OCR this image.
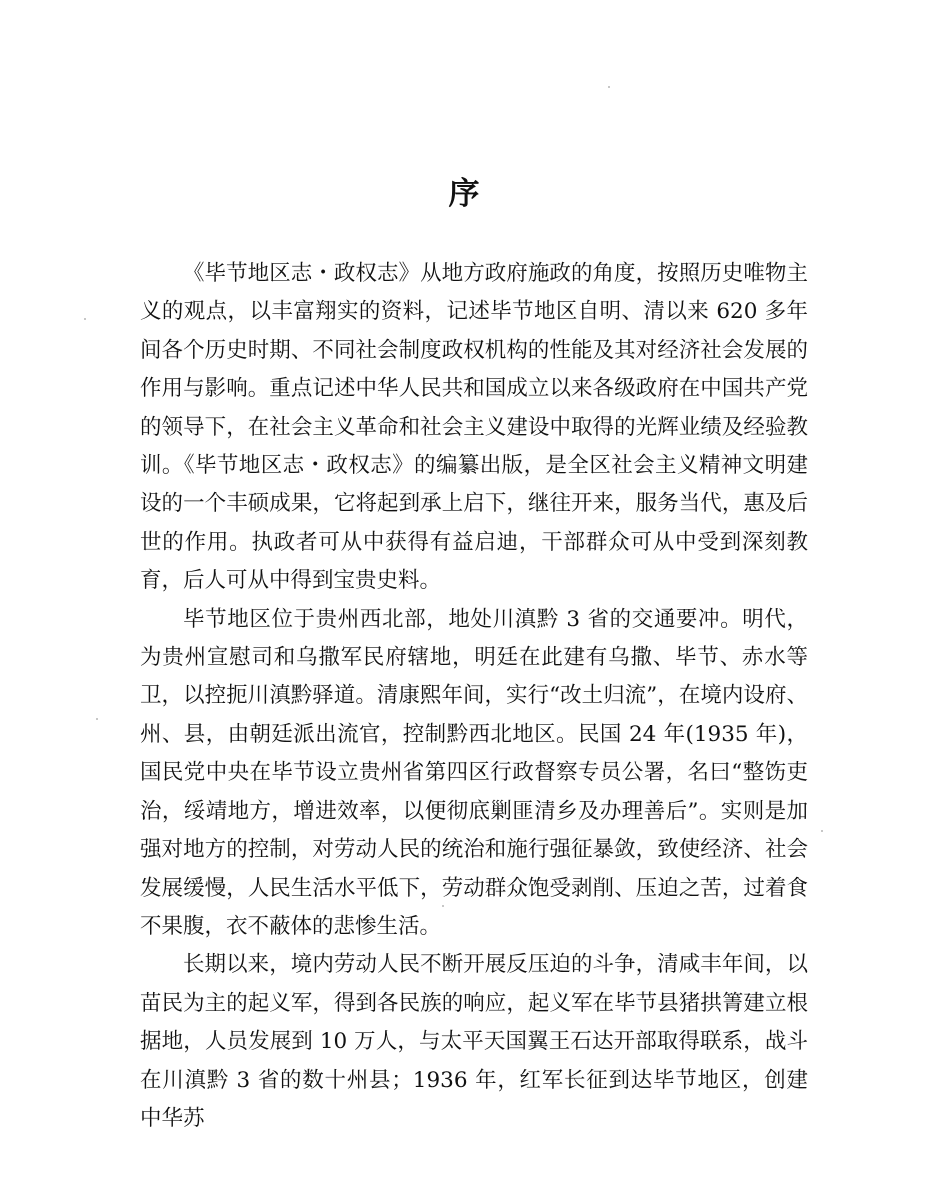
序

《毕节地区志・政权志》从地方政府施政的角度，按照历史唯物主义的观点，以丰富翔实的资料，记述毕节地区自明、清以来 620 多年间各个历史时期、不同社会制度政权机构的性能及其对经济社会发展的作用与影响。重点记述中华人民共和国成立以来各级政府在中国共产党的领导下，在社会主义革命和社会主义建设中取得的光辉业绩及经验教训。《毕节地区志・政权志》的编纂出版，是全区社会主义精神文明建设的一个丰硕成果，它将起到承上启下，继往开来，服务当代，惠及后世的作用。执政者可从中获得有益启迪，干部群众可从中受到深刻教育，后人可从中得到宝贵史料。

毕节地区位于贵州西北部，地处川滇黔 3 省的交通要冲。明代，为贵州宣慰司和乌撒军民府辖地，明廷在此建有乌撒、毕节、赤水等卫，以控扼川滇黔驿道。清康熙年间，实行“改土归流”，在境内设府、州、县，由朝廷派出流官，控制黔西北地区。民国 24 年(1935 年)，国民党中央在毕节设立贵州省第四区行政督察专员公署，名曰“整饬吏治，绥靖地方，增进效率，以便彻底剿匪清乡及办理善后”。实则是加强对地方的控制，对劳动人民的统治和施行强征暴敛，致使经济、社会发展缓慢，人民生活水平低下，劳动群众饱受剥削、压迫之苦，过着食不果腹，衣不蔽体的悲惨生活。

长期以来，境内劳动人民不断开展反压迫的斗争，清咸丰年间，以苗民为主的起义军，得到各民族的响应，起义军在毕节县猪拱箐建立根据地，人员发展到 10 万人，与太平天国翼王石达开部取得联系，战斗在川滇黔 3 省的数十州县；1936 年，红军长征到达毕节地区，创建中华苏
